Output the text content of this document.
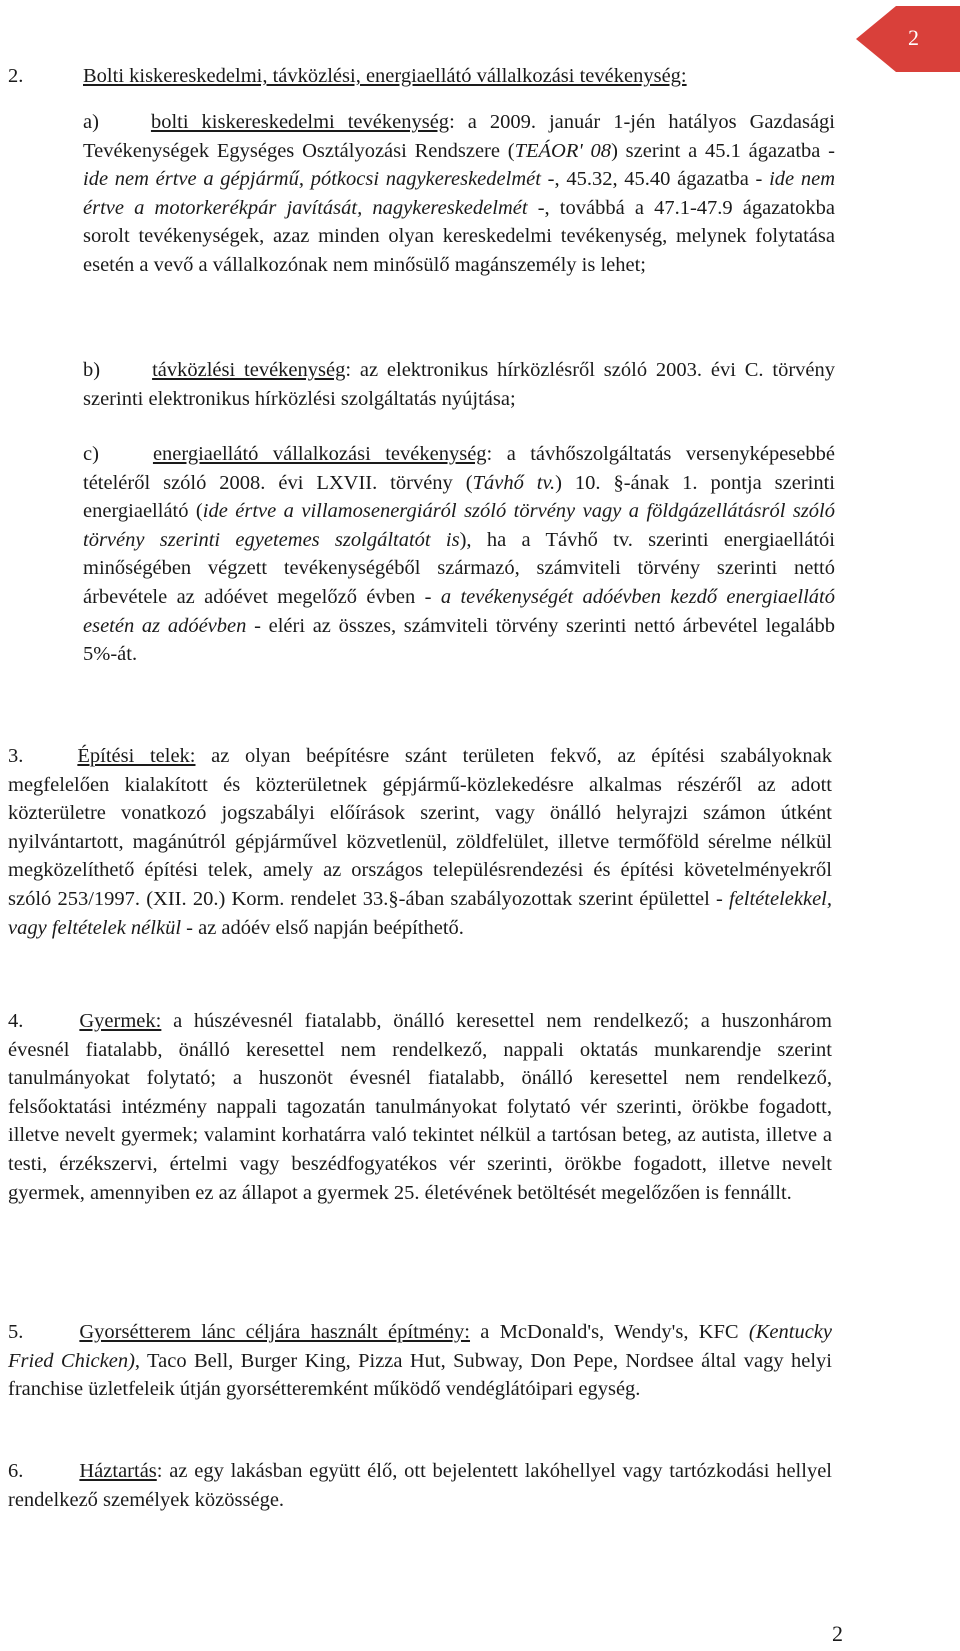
2
2.	Bolti kiskereskedelmi, távközlési, energiaellátó vállalkozási tevékenység:

a)	bolti kiskereskedelmi tevékenység: a 2009. január 1-jén hatályos Gazdasági Tevékenységek Egységes Osztályozási Rendszere (TEÁOR' 08) szerint a 45.1 ágazatba - ide nem értve a gépjármű, pótkocsi nagykereskedelmét -, 45.32, 45.40 ágazatba - ide nem értve a motorkerékpár javítását, nagykereskedelmét -, továbbá a 47.1-47.9 ágazatokba sorolt tevékenységek, azaz minden olyan kereskedelmi tevékenység, melynek folytatása esetén a vevő a vállalkozónak nem minősülő magánszemély is lehet;

b)	távközlési tevékenység: az elektronikus hírközlésről szóló 2003. évi C. törvény szerinti elektronikus hírközlési szolgáltatás nyújtása;

c)	energiaellátó vállalkozási tevékenység: a távhőszolgáltatás versenyképesebbé tételéről szóló 2008. évi LXVII. törvény (Távhő tv.) 10. §-ának 1. pontja szerinti energiaellátó (ide értve a villamosenergiáról szóló törvény vagy a földgázellátásról szóló törvény szerinti egyetemes szolgáltatót is), ha a Távhő tv. szerinti energiaellátói minőségében végzett tevékenységéből származó, számviteli törvény szerinti nettó árbevétele az adóévet megelőző évben - a tevékenységét adóévben kezdő energiaellátó esetén az adóévben - eléri az összes, számviteli törvény szerinti nettó árbevétel legalább 5%-át.

3.	Építési telek: az olyan beépítésre szánt területen fekvő, az építési szabályoknak megfelelően kialakított és közterületnek gépjármű-közlekedésre alkalmas részéről az adott közterületre vonatkozó jogszabályi előírások szerint, vagy önálló helyrajzi számon útként nyilvántartott, magánútról gépjárművel közvetlenül, zöldfelület, illetve termőföld sérelme nélkül megközelíthető építési telek, amely az országos településrendezési és építési követelményekről szóló 253/1997. (XII. 20.) Korm. rendelet 33.§-ában szabályozottak szerint épülettel - feltételekkel, vagy feltételek nélkül - az adóév első napján beépíthető.

4.	Gyermek: a húszévesnél fiatalabb, önálló keresettel nem rendelkező; a huszonhárom évesnél fiatalabb, önálló keresettel nem rendelkező, nappali oktatás munkarendje szerint tanulmányokat folytató; a huszonöt évesnél fiatalabb, önálló keresettel nem rendelkező, felsőoktatási intézmény nappali tagozatán tanulmányokat folytató vér szerinti, örökbe fogadott, illetve nevelt gyermek; valamint korhatárra való tekintet nélkül a tartósan beteg, az autista, illetve a testi, érzékszervi, értelmi vagy beszédfogyatékos vér szerinti, örökbe fogadott, illetve nevelt gyermek, amennyiben ez az állapot a gyermek 25. életévének betöltését megelőzően is fennállt.

5.	Gyorsétterem lánc céljára használt építmény: a McDonald's, Wendy's, KFC (Kentucky Fried Chicken), Taco Bell, Burger King, Pizza Hut, Subway, Don Pepe, Nordsee által vagy helyi franchise üzletfeleik útján gyorsétteremként működő vendéglátóipari egység.

6.	Háztartás: az egy lakásban együtt élő, ott bejelentett lakóhellyel vagy tartózkodási hellyel rendelkező személyek közössége.

2
